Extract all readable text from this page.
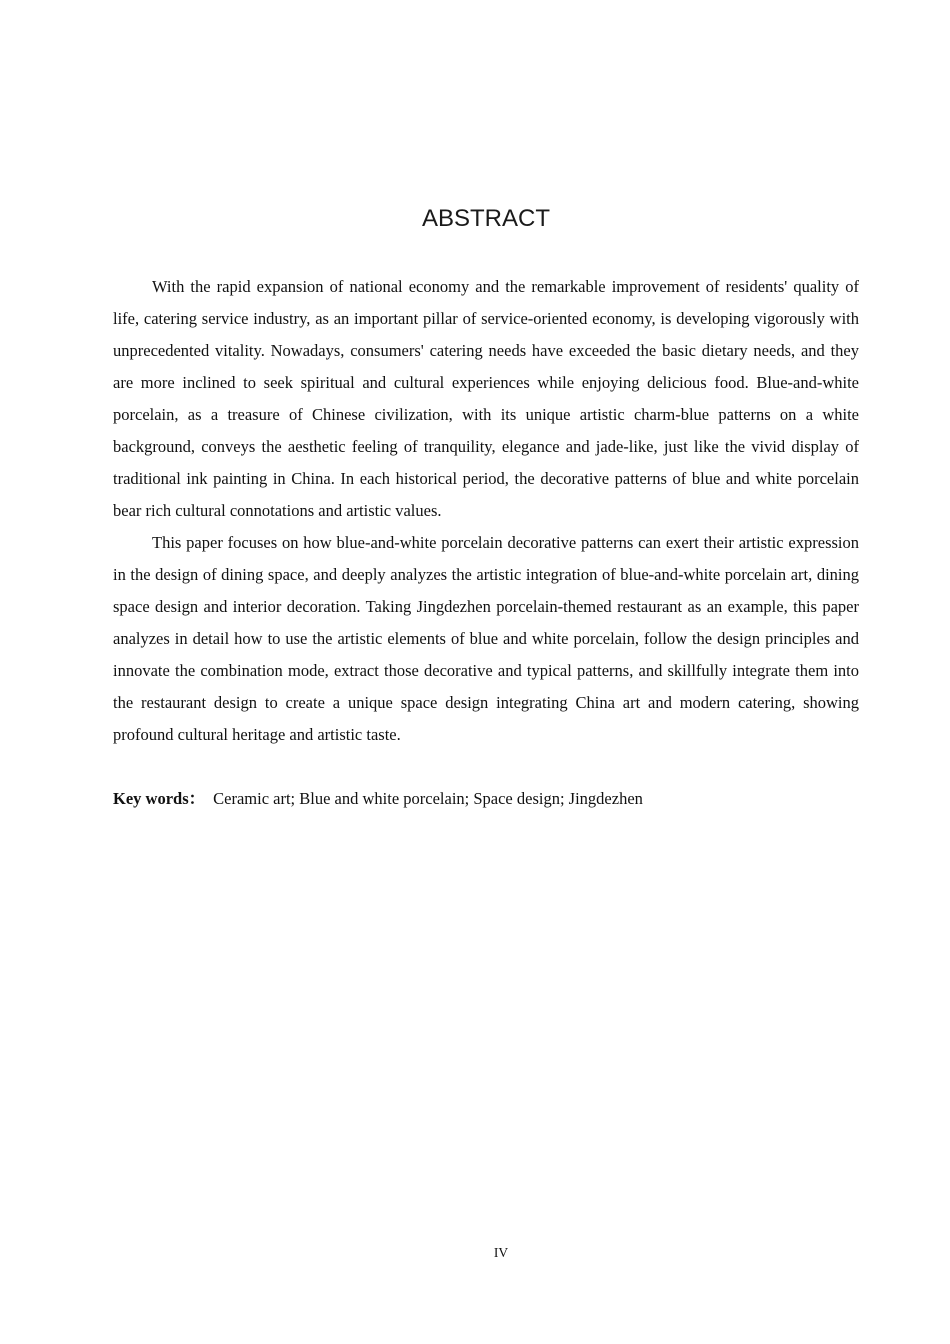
ABSTRACT

With the rapid expansion of national economy and the remarkable improvement of residents' quality of life, catering service industry, as an important pillar of service-oriented economy, is developing vigorously with unprecedented vitality. Nowadays, consumers' catering needs have exceeded the basic dietary needs, and they are more inclined to seek spiritual and cultural experiences while enjoying delicious food. Blue-and-white porcelain, as a treasure of Chinese civilization, with its unique artistic charm-blue patterns on a white background, conveys the aesthetic feeling of tranquility, elegance and jade-like, just like the vivid display of traditional ink painting in China. In each historical period, the decorative patterns of blue and white porcelain bear rich cultural connotations and artistic values.

This paper focuses on how blue-and-white porcelain decorative patterns can exert their artistic expression in the design of dining space, and deeply analyzes the artistic integration of blue-and-white porcelain art, dining space design and interior decoration. Taking Jingdezhen porcelain-themed restaurant as an example, this paper analyzes in detail how to use the artistic elements of blue and white porcelain, follow the design principles and innovate the combination mode, extract those decorative and typical patterns, and skillfully integrate them into the restaurant design to create a unique space design integrating China art and modern catering, showing profound cultural heritage and artistic taste.

Key words： Ceramic art; Blue and white porcelain; Space design; Jingdezhen

IV
